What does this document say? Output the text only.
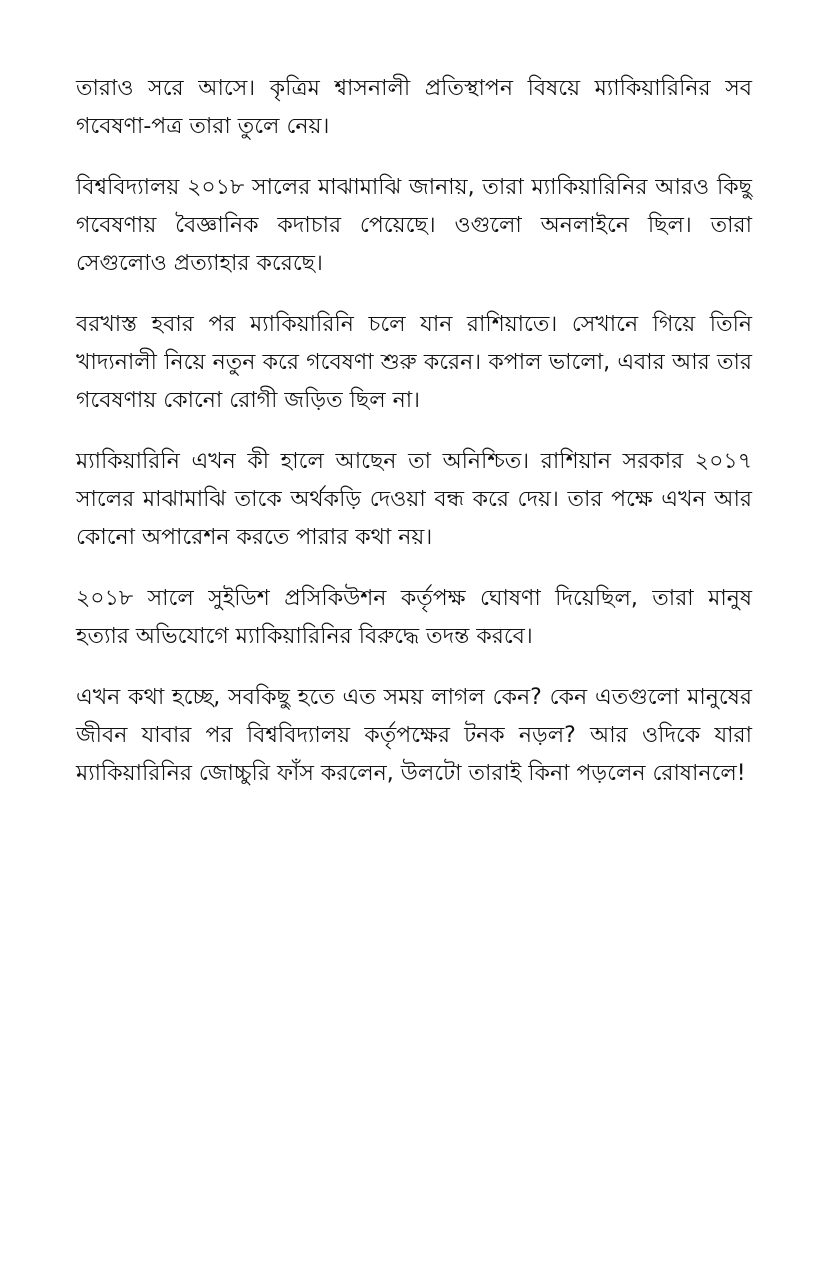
তারাও সরে আসে। কৃত্রিম শ্বাসনালী প্রতিস্থাপন বিষয়ে ম্যাকিয়ারিনির সব গবেষণা-পত্র তারা তুলে নেয়।

বিশ্ববিদ্যালয় ২০১৮ সালের মাঝামাঝি জানায়, তারা ম্যাকিয়ারিনির আরও কিছু গবেষণায় বৈজ্ঞানিক কদাচার পেয়েছে। ওগুলো অনলাইনে ছিল। তারা সেগুলোও প্রত্যাহার করেছে।

বরখাস্ত হবার পর ম্যাকিয়ারিনি চলে যান রাশিয়াতে। সেখানে গিয়ে তিনি খাদ্যনালী নিয়ে নতুন করে গবেষণা শুরু করেন। কপাল ভালো, এবার আর তার গবেষণায় কোনো রোগী জড়িত ছিল না।

ম্যাকিয়ারিনি এখন কী হালে আছেন তা অনিশ্চিত। রাশিয়ান সরকার ২০১৭ সালের মাঝামাঝি তাকে অর্থকড়ি দেওয়া বন্ধ করে দেয়। তার পক্ষে এখন আর কোনো অপারেশন করতে পারার কথা নয়।

২০১৮ সালে সুইডিশ প্রসিকিউশন কর্তৃপক্ষ ঘোষণা দিয়েছিল, তারা মানুষ হত্যার অভিযোগে ম্যাকিয়ারিনির বিরুদ্ধে তদন্ত করবে।

এখন কথা হচ্ছে, সবকিছু হতে এত সময় লাগল কেন? কেন এতগুলো মানুষের জীবন যাবার পর বিশ্ববিদ্যালয় কর্তৃপক্ষের টনক নড়ল? আর ওদিকে যারা ম্যাকিয়ারিনির জোচ্চুরি ফাঁস করলেন, উলটো তারাই কিনা পড়লেন রোষানলে!
